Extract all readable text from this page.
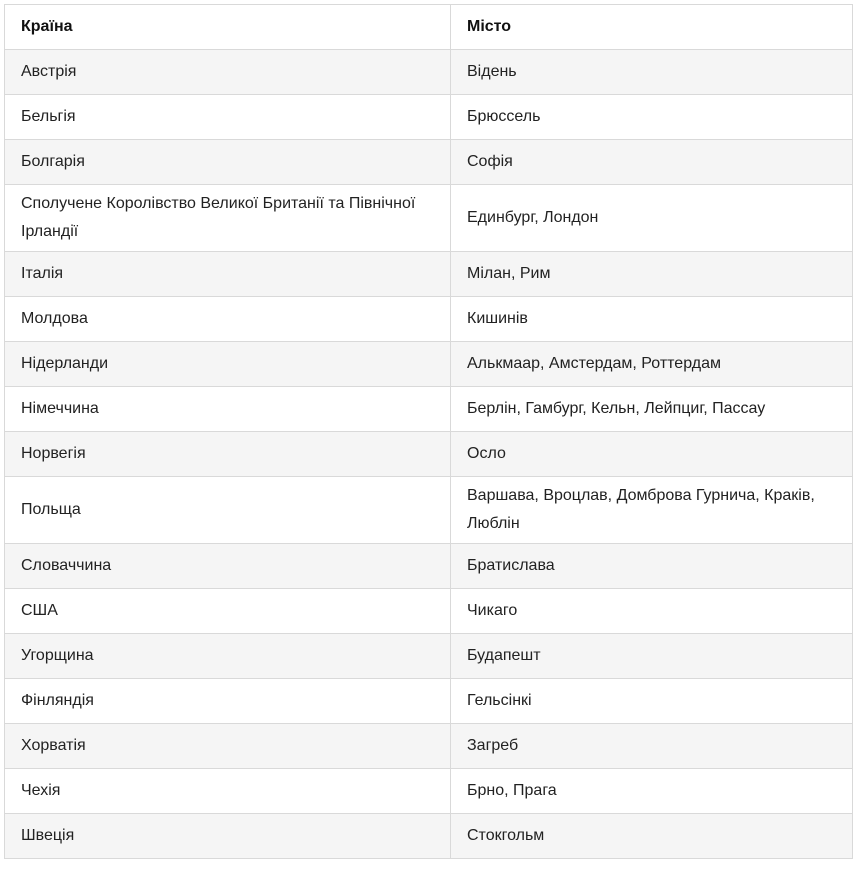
Країна	Місто
Австрія	Відень
Бельгія	Брюссель
Болгарія	Софія
Сполучене Королівство Великої Британії та Північної Ірландії	Единбург, Лондон
Італія	Мілан, Рим
Молдова	Кишинів
Нідерланди	Алькмаар, Амстердам, Роттердам
Німеччина	Берлін, Гамбург, Кельн, Лейпциг, Пассау
Норвегія	Осло
Польща	Варшава, Вроцлав, Домброва Гурнича, Краків, Люблін
Словаччина	Братислава
США	Чикаго
Угорщина	Будапешт
Фінляндія	Гельсінкі
Хорватія	Загреб
Чехія	Брно, Прага
Швеція	Стокгольм
